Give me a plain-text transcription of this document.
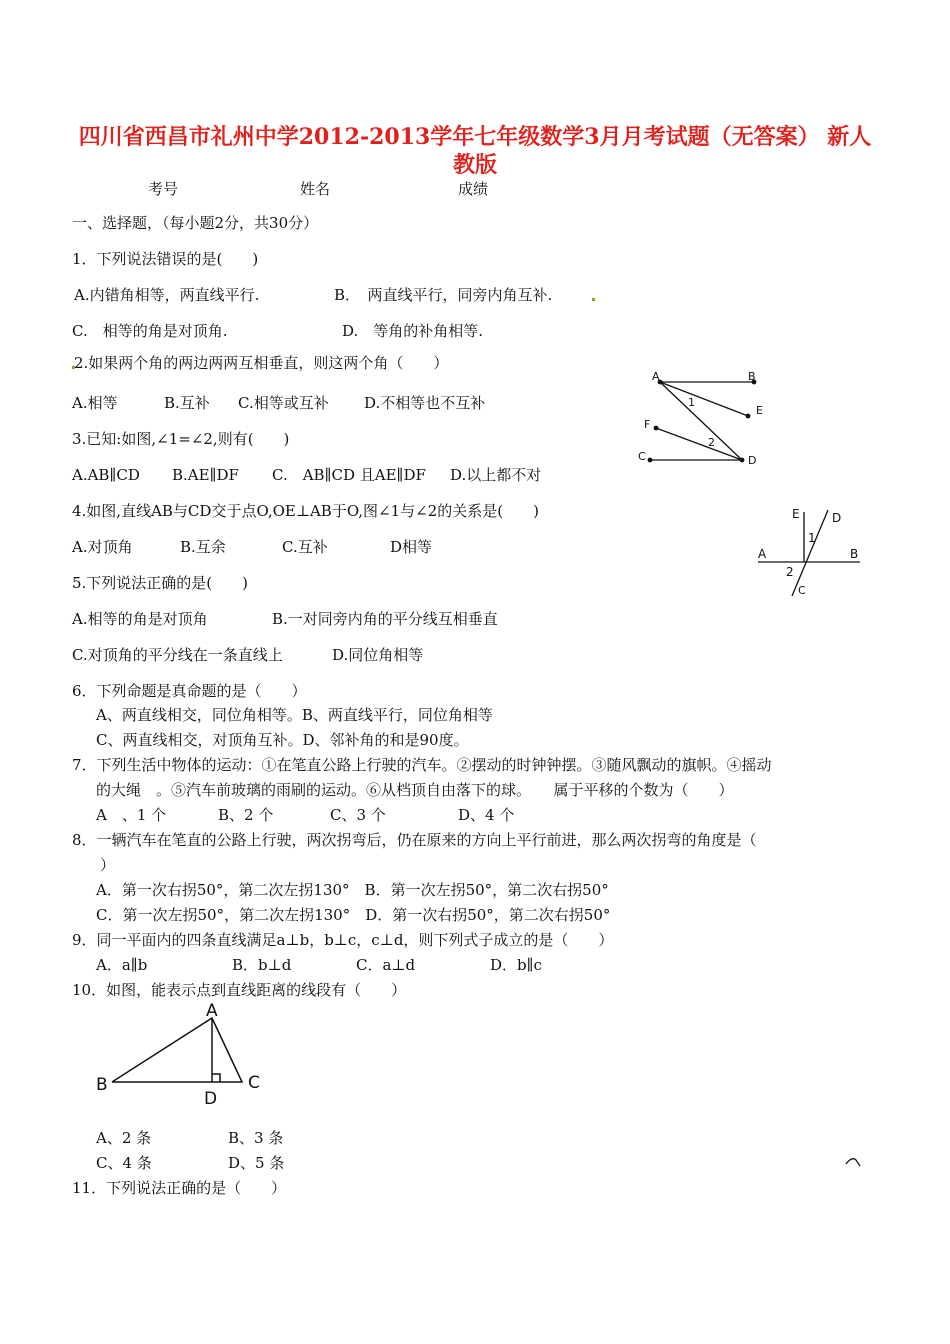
四川省西昌市礼州中学2012-2013学年七年级数学3月月考试题（无答案） 新人
教版
考号	姓名	成绩
一、选择题，（每小题2分，共30分）
1．下列说法错误的是(　　)
A.内错角相等，两直线平行.	B．　两直线平行，同旁内角互补.
C.　相等的角是对顶角.	D.　等角的补角相等.
2.如果两个角的两边两两互相垂直，则这两个角（　　）
A.相等	B.互补 C.相等或互补 D.不相等也不互补
A	B
E
F
C	D
1
2
3.已知:如图,∠1=∠2,则有(　　)
A.AB∥CD B.AE∥DF C.　AB∥CD 且AE∥DF D.以上都不对
4.如图,直线AB与CD交于点O,OE⊥AB于O,图∠1与∠2的关系是(　　)
A.对顶角	B.互余	C.互补	D相等
E	D
A	B
1
2
C
5.下列说法正确的是(　　)
A.相等的角是对顶角	B.一对同旁内角的平分线互相垂直
C.对顶角的平分线在一条直线上	D.同位角相等
6．下列命题是真命题的是（　　）
A、两直线相交，同位角相等。B、两直线平行，同位角相等
C、两直线相交，对顶角互补。D、邻补角的和是90度。
7．下列生活中物体的运动：①在笔直公路上行驶的汽车。②摆动的时钟钟摆。③随风飘动的旗帜。④摇动
的大绳　。⑤汽车前玻璃的雨刷的运动。⑥从档顶自由落下的球。　　属于平移的个数为（　　）
A　、1 个	B、2 个	C、3 个	D、4 个
8．一辆汽车在笔直的公路上行驶，两次拐弯后，仍在原来的方向上平行前进，那么两次拐弯的角度是（
）
A．第一次右拐50°，第二次左拐130°　B．第一次左拐50°，第二次右拐50°
C．第一次左拐50°，第二次左拐130°　D．第一次右拐50°，第二次右拐50°
9．同一平面内的四条直线满足a⊥b，b⊥c，c⊥d，则下列式子成立的是（　　）
A．a∥b	B．b⊥d	C．a⊥d	D．b∥c
10．如图，能表示点到直线距离的线段有（　　）
A
B	C
D
A、2 条	B、3 条
C、4 条	D、5 条
11．下列说法正确的是（　　）
